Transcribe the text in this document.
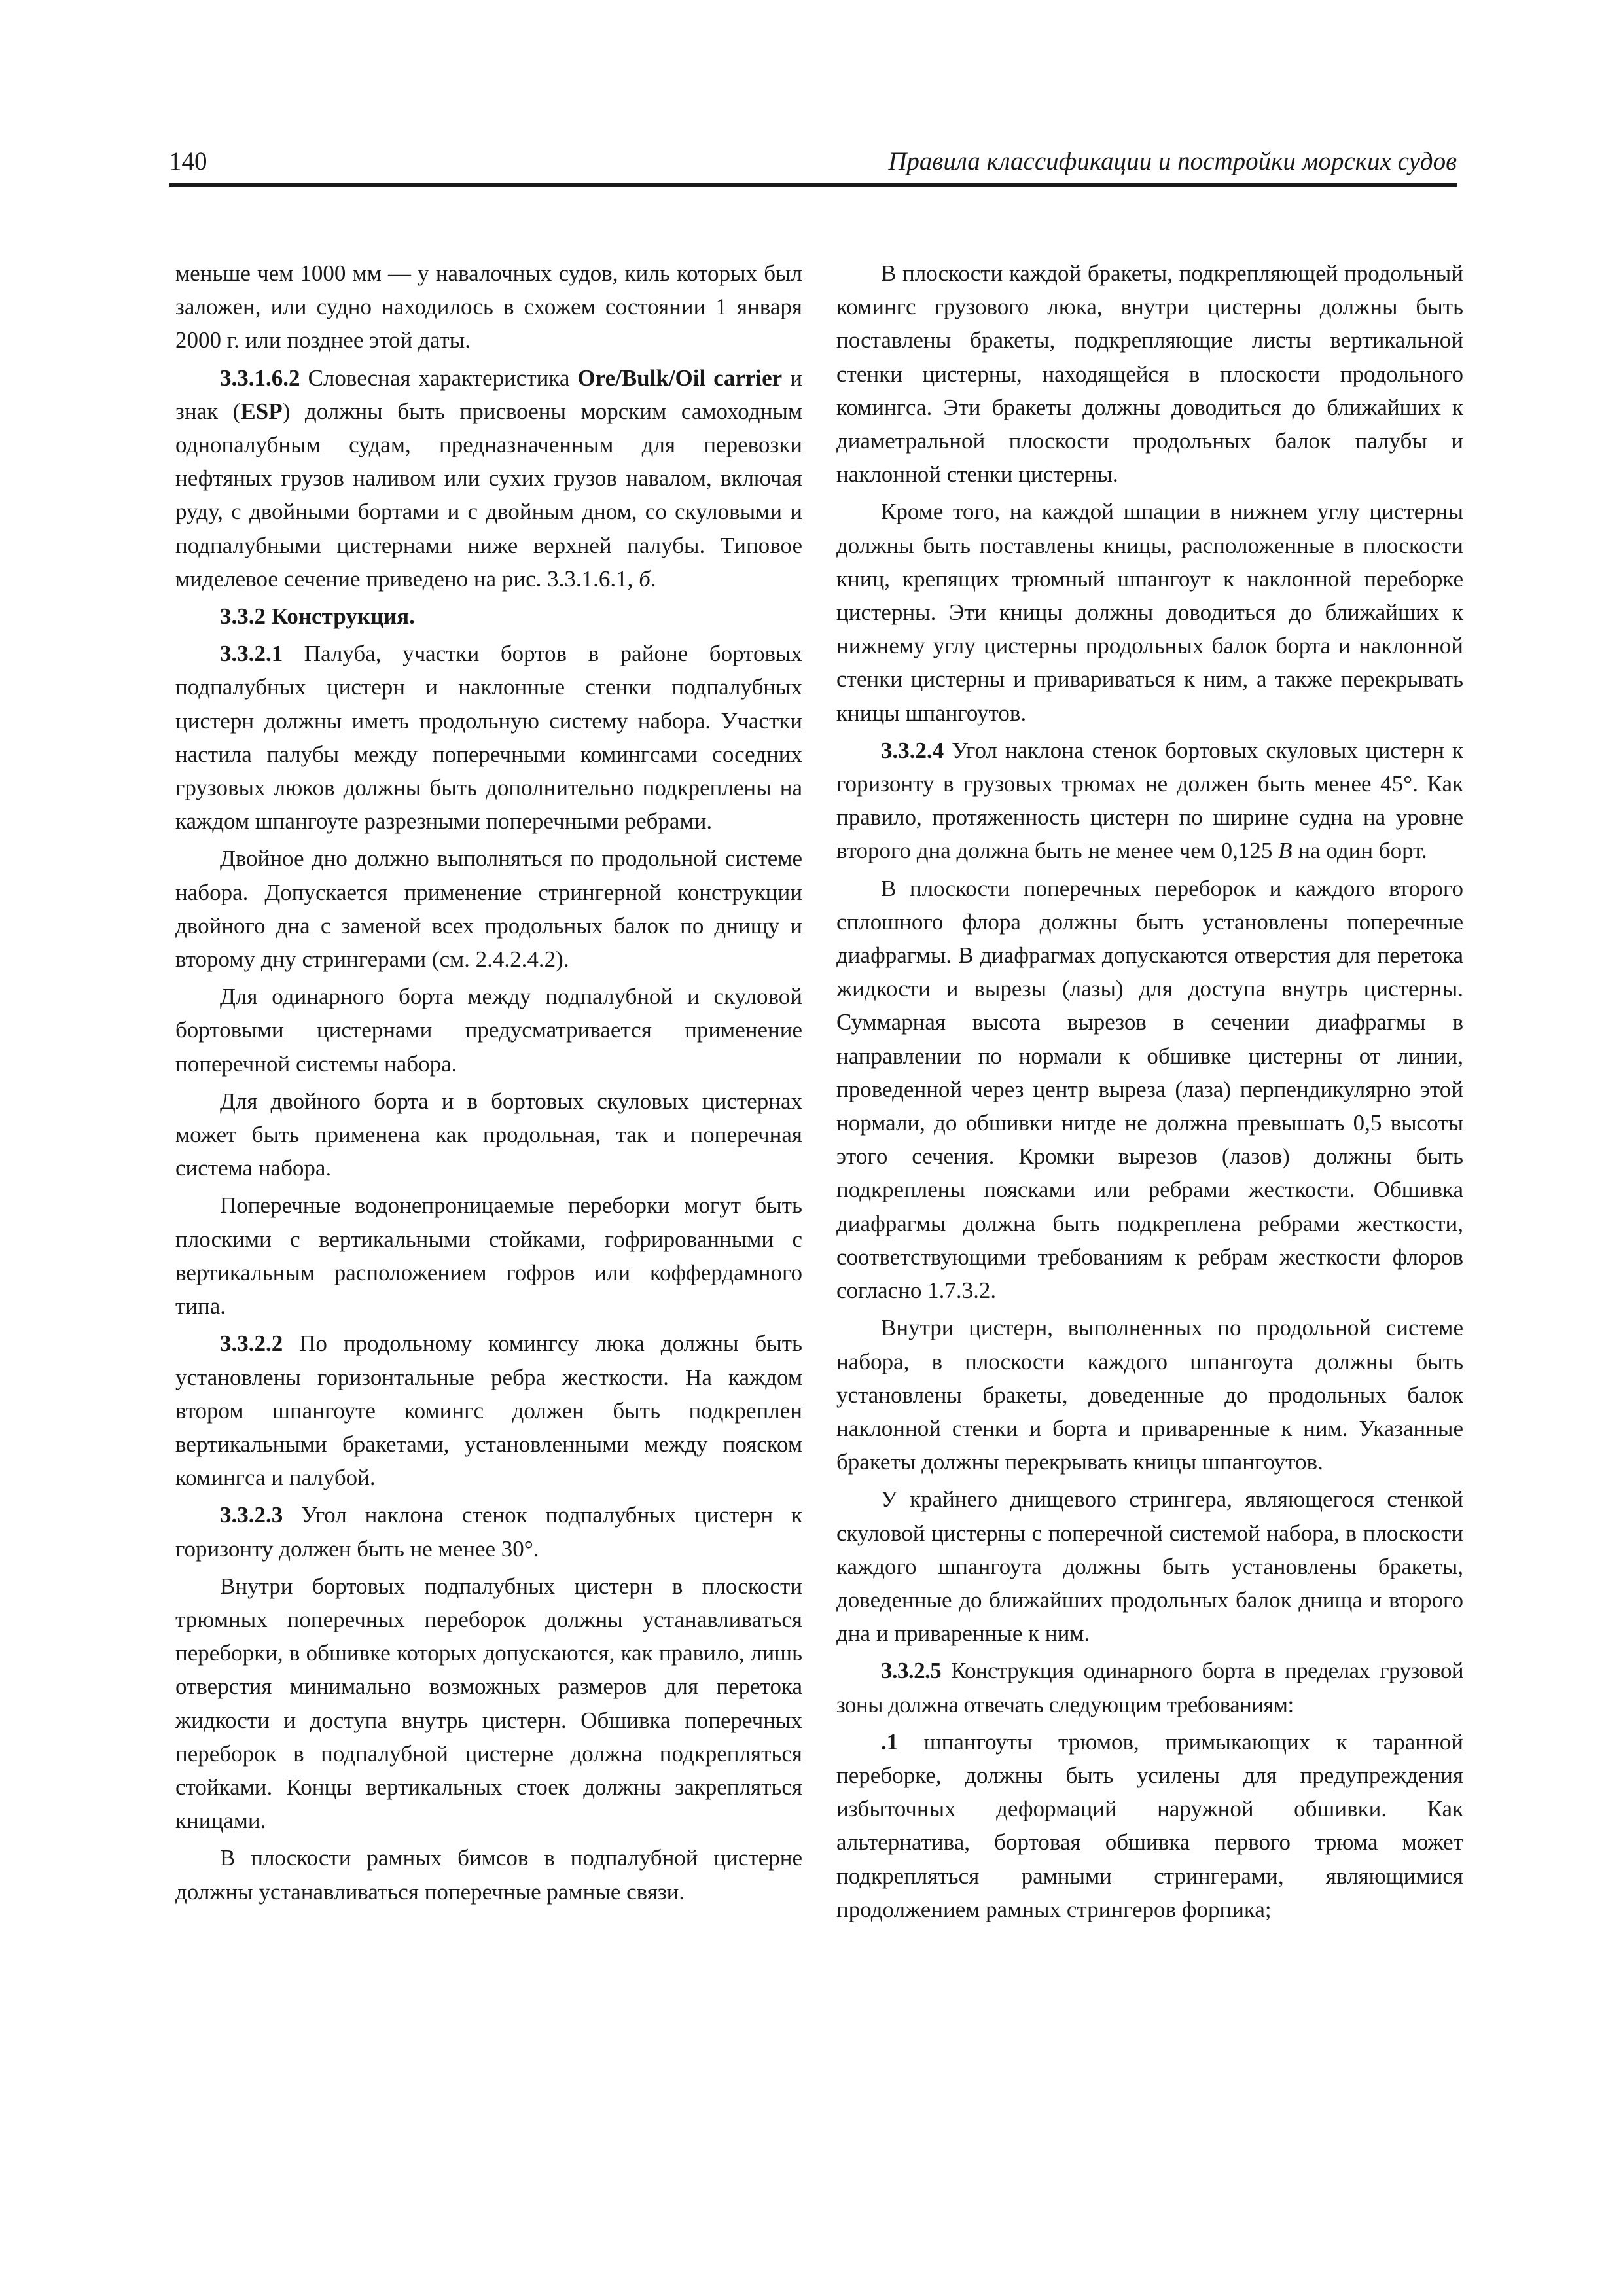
140	Правила классификации и постройки морских судов

меньше чем 1000 мм — у навалочных судов, киль которых был заложен, или судно находилось в схожем состоянии 1 января 2000 г. или позднее этой даты.

3.3.1.6.2 Словесная характеристика Ore/Bulk/Oil carrier и знак (ESP) должны быть присвоены морским самоходным однопалубным судам, предназначенным для перевозки нефтяных грузов наливом или сухих грузов навалом, включая руду, с двойными бортами и с двойным дном, со скуловыми и подпалубными цистернами ниже верхней палубы. Типовое миделевое сечение приведено на рис. 3.3.1.6.1, б.

3.3.2 Конструкция.

3.3.2.1 Палуба, участки бортов в районе бортовых подпалубных цистерн и наклонные стенки подпалубных цистерн должны иметь продольную систему набора. Участки настила палубы между поперечными комингсами соседних грузовых люков должны быть дополнительно подкреплены на каждом шпангоуте разрезными поперечными ребрами.

Двойное дно должно выполняться по продольной системе набора. Допускается применение стрингерной конструкции двойного дна с заменой всех продольных балок по днищу и второму дну стрингерами (см. 2.4.2.4.2).

Для одинарного борта между подпалубной и скуловой бортовыми цистернами предусматривается применение поперечной системы набора.

Для двойного борта и в бортовых скуловых цистернах может быть применена как продольная, так и поперечная система набора.

Поперечные водонепроницаемые переборки могут быть плоскими с вертикальными стойками, гофрированными с вертикальным расположением гофров или коффердамного типа.

3.3.2.2 По продольному комингсу люка должны быть установлены горизонтальные ребра жесткости. На каждом втором шпангоуте комингс должен быть подкреплен вертикальными бракетами, установленными между пояском комингса и палубой.

3.3.2.3 Угол наклона стенок подпалубных цистерн к горизонту должен быть не менее 30°.

Внутри бортовых подпалубных цистерн в плоскости трюмных поперечных переборок должны устанавливаться переборки, в обшивке которых допускаются, как правило, лишь отверстия минимально возможных размеров для перетока жидкости и доступа внутрь цистерн. Обшивка поперечных переборок в подпалубной цистерне должна подкрепляться стойками. Концы вертикальных стоек должны закрепляться кницами.

В плоскости рамных бимсов в подпалубной цистерне должны устанавливаться поперечные рамные связи.

В плоскости каждой бракеты, подкрепляющей продольный комингс грузового люка, внутри цистерны должны быть поставлены бракеты, подкрепляющие листы вертикальной стенки цистерны, находящейся в плоскости продольного комингса. Эти бракеты должны доводиться до ближайших к диаметральной плоскости продольных балок палубы и наклонной стенки цистерны.

Кроме того, на каждой шпации в нижнем углу цистерны должны быть поставлены кницы, расположенные в плоскости книц, крепящих трюмный шпангоут к наклонной переборке цистерны. Эти кницы должны доводиться до ближайших к нижнему углу цистерны продольных балок борта и наклонной стенки цистерны и привариваться к ним, а также перекрывать кницы шпангоутов.

3.3.2.4 Угол наклона стенок бортовых скуловых цистерн к горизонту в грузовых трюмах не должен быть менее 45°. Как правило, протяженность цистерн по ширине судна на уровне второго дна должна быть не менее чем 0,125 B на один борт.

В плоскости поперечных переборок и каждого второго сплошного флора должны быть установлены поперечные диафрагмы. В диафрагмах допускаются отверстия для перетока жидкости и вырезы (лазы) для доступа внутрь цистерны. Суммарная высота вырезов в сечении диафрагмы в направлении по нормали к обшивке цистерны от линии, проведенной через центр выреза (лаза) перпендикулярно этой нормали, до обшивки нигде не должна превышать 0,5 высоты этого сечения. Кромки вырезов (лазов) должны быть подкреплены поясками или ребрами жесткости. Обшивка диафрагмы должна быть подкреплена ребрами жесткости, соответствующими требованиям к ребрам жесткости флоров согласно 1.7.3.2.

Внутри цистерн, выполненных по продольной системе набора, в плоскости каждого шпангоута должны быть установлены бракеты, доведенные до продольных балок наклонной стенки и борта и приваренные к ним. Указанные бракеты должны перекрывать кницы шпангоутов.

У крайнего днищевого стрингера, являющегося стенкой скуловой цистерны с поперечной системой набора, в плоскости каждого шпангоута должны быть установлены бракеты, доведенные до ближайших продольных балок днища и второго дна и приваренные к ним.

3.3.2.5 Конструкция одинарного борта в пределах грузовой зоны должна отвечать следующим требованиям:

.1 шпангоуты трюмов, примыкающих к таранной переборке, должны быть усилены для предупреждения избыточных деформаций наружной обшивки. Как альтернатива, бортовая обшивка первого трюма может подкрепляться рамными стрингерами, являющимися продолжением рамных стрингеров форпика;
